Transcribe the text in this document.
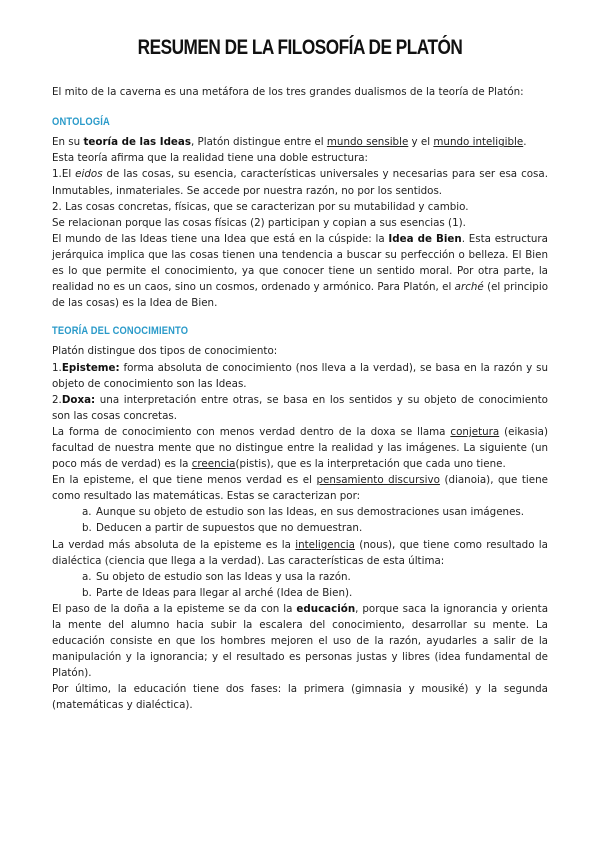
RESUMEN DE LA FILOSOFÍA DE PLATÓN

El mito de la caverna es una metáfora de los tres grandes dualismos de la teoría de Platón:

ONTOLOGÍA

En su teoría de las Ideas, Platón distingue entre el mundo sensible y el mundo inteligible.

Esta teoría afirma que la realidad tiene una doble estructura:

1.El eidos de las cosas, su esencia, características universales y necesarias para ser esa cosa. Inmutables, inmateriales. Se accede por nuestra razón, no por los sentidos.

2. Las cosas concretas, físicas, que se caracterizan por su mutabilidad y cambio.

Se relacionan porque las cosas físicas (2) participan y copian a sus esencias (1).

El mundo de las Ideas tiene una Idea que está en la cúspide: la Idea de Bien. Esta estructura jerárquica implica que las cosas tienen una tendencia a buscar su perfección o belleza. El Bien es lo que permite el conocimiento, ya que conocer tiene un sentido moral. Por otra parte, la realidad no es un caos, sino un cosmos, ordenado y armónico. Para Platón, el arché (el principio de las cosas) es la Idea de Bien.

TEORÍA DEL CONOCIMIENTO

Platón distingue dos tipos de conocimiento:

1.Episteme: forma absoluta de conocimiento (nos lleva a la verdad), se basa en la razón y su objeto de conocimiento son las Ideas.

2.Doxa: una interpretación entre otras, se basa en los sentidos y su objeto de conocimiento son las cosas concretas.

La forma de conocimiento con menos verdad dentro de la doxa se llama conjetura (eikasia) facultad de nuestra mente que no distingue entre la realidad y las imágenes. La siguiente (un poco más de verdad) es la creencia(pistis), que es la interpretación que cada uno tiene.

En la episteme, el que tiene menos verdad es el pensamiento discursivo (dianoia), que tiene como resultado las matemáticas. Estas se caracterizan por:

a. Aunque su objeto de estudio son las Ideas, en sus demostraciones usan imágenes.

b. Deducen a partir de supuestos que no demuestran.

La verdad más absoluta de la episteme es la inteligencia (nous), que tiene como resultado la dialéctica (ciencia que llega a la verdad). Las características de esta última:

a. Su objeto de estudio son las Ideas y usa la razón.

b. Parte de Ideas para llegar al arché (Idea de Bien).

El paso de la doña a la episteme se da con la educación, porque saca la ignorancia y orienta la mente del alumno hacia subir la escalera del conocimiento, desarrollar su mente. La educación consiste en que los hombres mejoren el uso de la razón, ayudarles a salir de la manipulación y la ignorancia; y el resultado es personas justas y libres (idea fundamental de Platón).

Por último, la educación tiene dos fases: la primera (gimnasia y mousiké) y la segunda (matemáticas y dialéctica).
